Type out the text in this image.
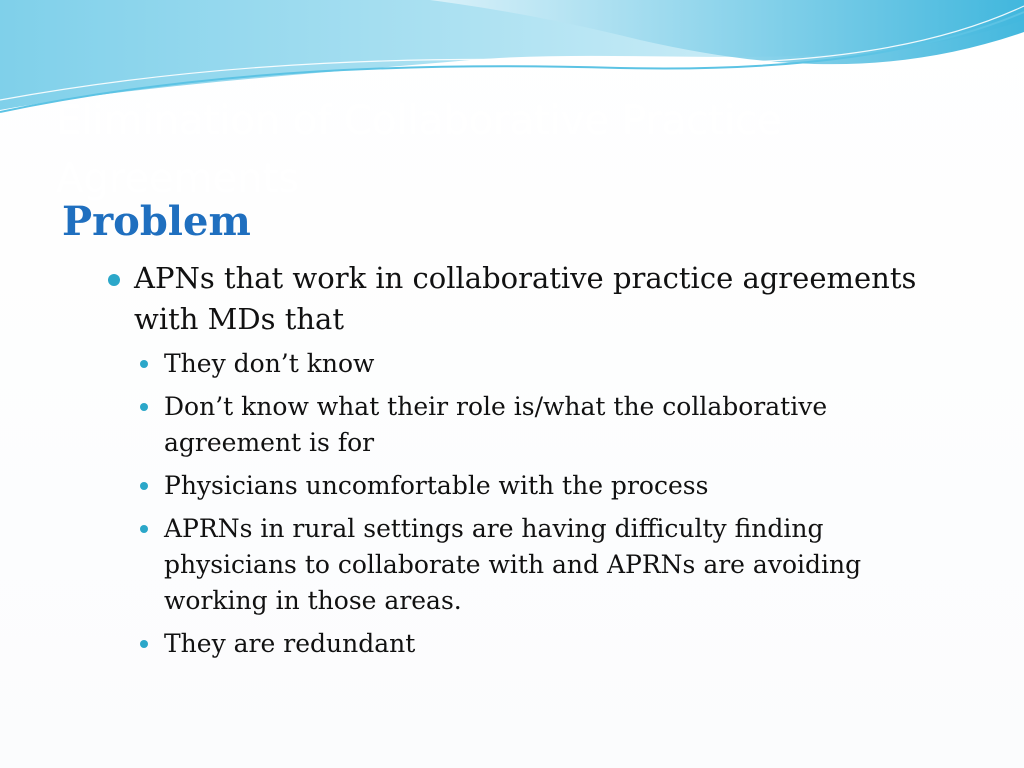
Elimination of Collaborative Practice Agreements
Problem
APNs that work in collaborative practice agreements with MDs that
They don’t know
Don’t know what their role is/what the collaborative agreement is for
Physicians uncomfortable with the process
APRNs in rural settings are having difficulty finding physicians to collaborate with and APRNs are avoiding working in those areas.
They are redundant
